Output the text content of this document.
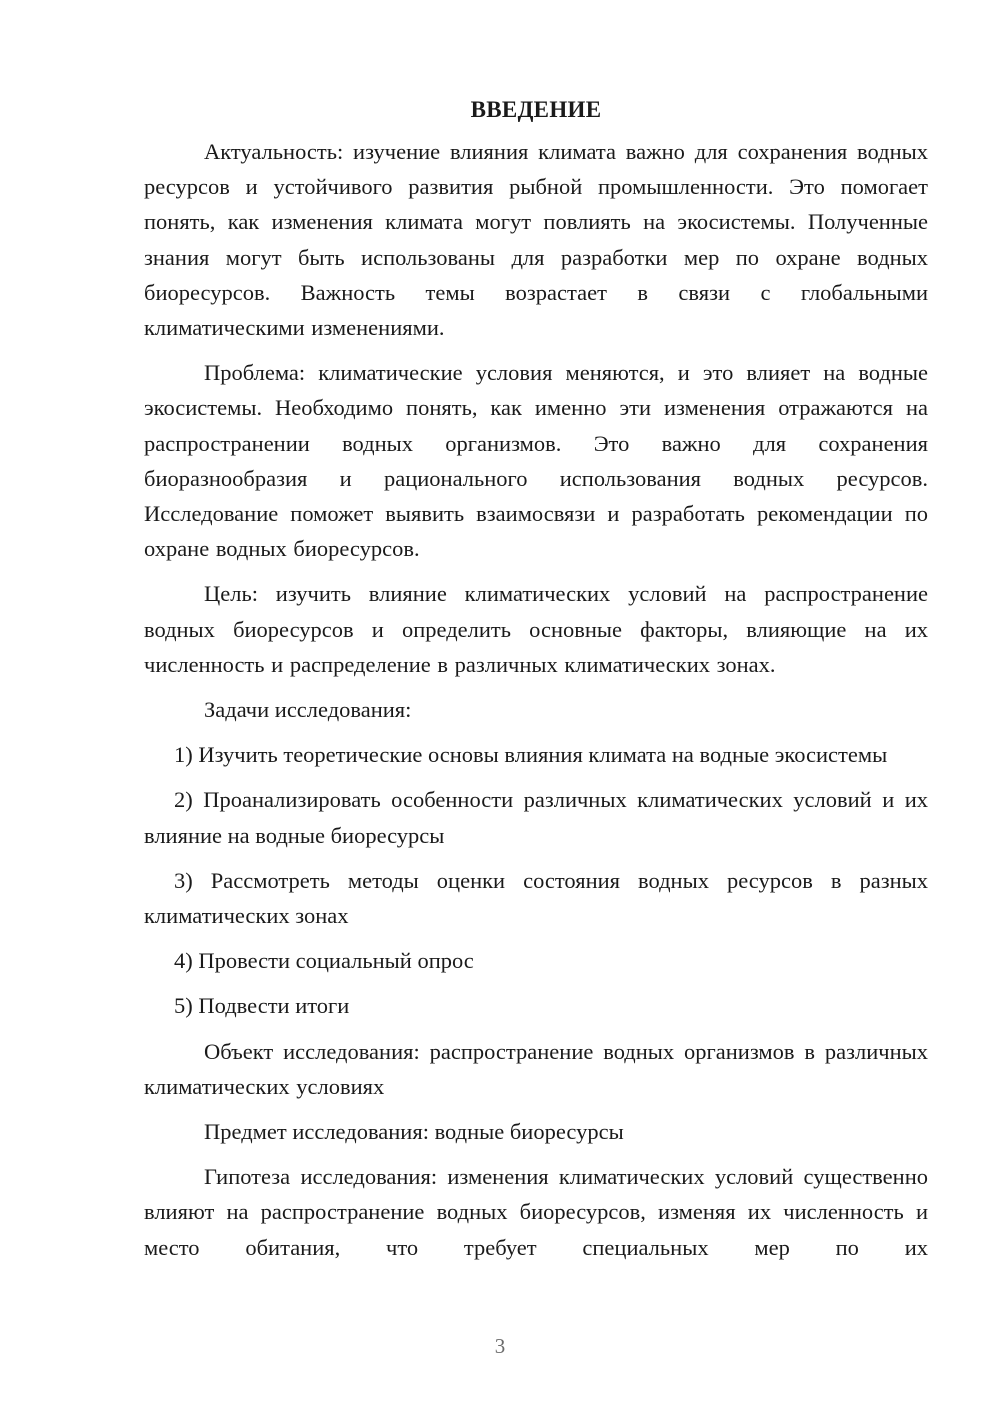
ВВЕДЕНИЕ

Актуальность: изучение влияния климата важно для сохранения водных ресурсов и устойчивого развития рыбной промышленности. Это помогает понять, как изменения климата могут повлиять на экосистемы. Полученные знания могут быть использованы для разработки мер по охране водных биоресурсов. Важность темы возрастает в связи с глобальными климатическими изменениями.

Проблема: климатические условия меняются, и это влияет на водные экосистемы. Необходимо понять, как именно эти изменения отражаются на распространении водных организмов. Это важно для сохранения биоразнообразия и рационального использования водных ресурсов. Исследование поможет выявить взаимосвязи и разработать рекомендации по охране водных биоресурсов.

Цель: изучить влияние климатических условий на распространение водных биоресурсов и определить основные факторы, влияющие на их численность и распределение в различных климатических зонах.

Задачи исследования:

1) Изучить теоретические основы влияния климата на водные экосистемы

2) Проанализировать особенности различных климатических условий и их влияние на водные биоресурсы

3) Рассмотреть методы оценки состояния водных ресурсов в разных климатических зонах

4) Провести социальный опрос

5) Подвести итоги

Объект исследования: распространение водных организмов в различных климатических условиях

Предмет исследования: водные биоресурсы

Гипотеза исследования: изменения климатических условий существенно влияют на распространение водных биоресурсов, изменяя их численность и место обитания, что требует специальных мер по их

3
